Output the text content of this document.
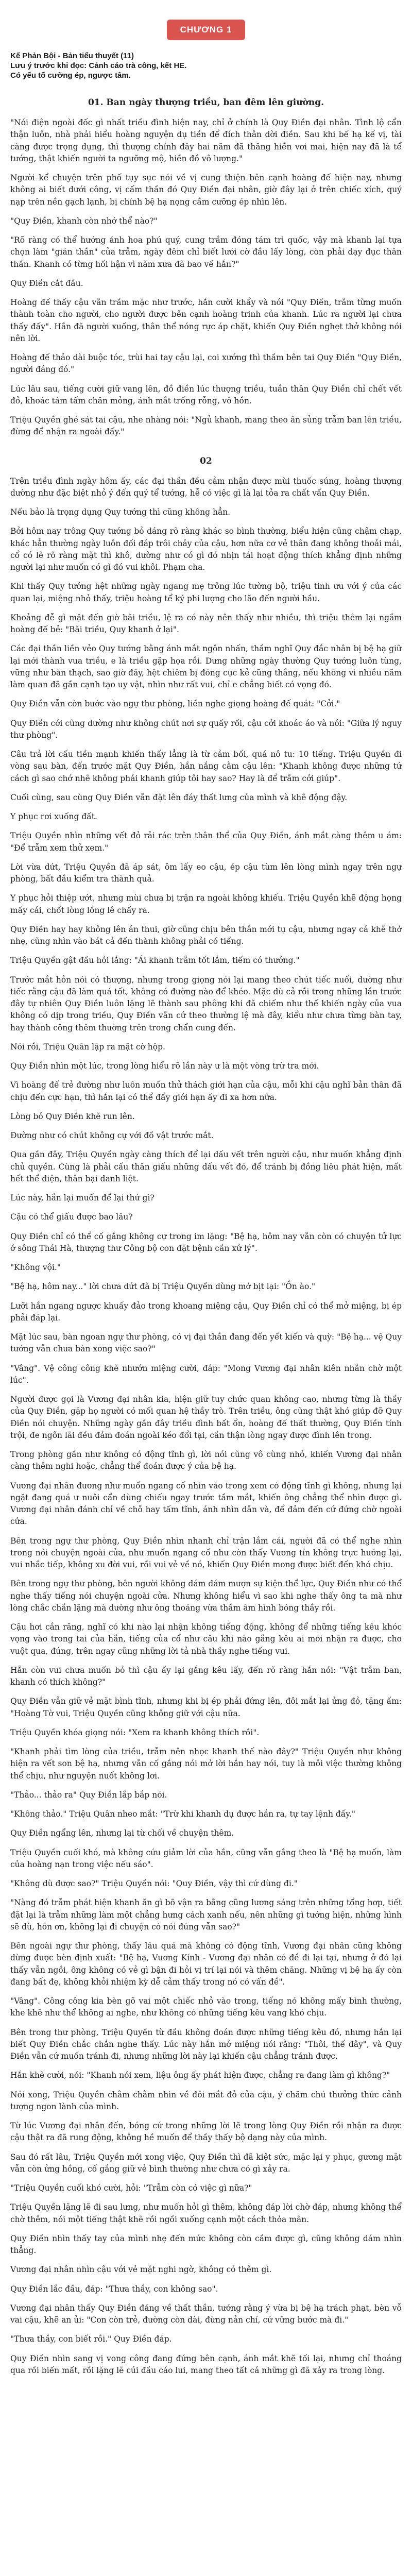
CHƯƠNG 1
Kế Phản Bội - Bản tiểu thuyết (11)
Lưu ý trước khi đọc: Cảnh cáo trà công, kết HE.
Có yếu tố cưỡng ép, ngược tâm.
01. Ban ngày thượng triều, ban đêm lên giường.

"Nói điện ngoài đốc gì nhất triều đình hiện nay, chỉ ở chính là Quy Điền đại nhân. Tình lộ cẩn thận luôn, nhà phải hiểu hoàng nguyện dụ tiền để đích thân dời điền. Sau khi bế hạ kế vị, tài càng được trọng dụng, thì thượng chính đây hai năm đã thăng hiền vơi mai, hiện nay đã là tể tướng, thật khiến người ta ngưỡng mộ, hiền đồ vô lượng."

Người kể chuyện trên phố tụy sục nói về vị cung thiện bên cạnh hoàng đế hiện nay, nhưng không ai biết dưới công, vị cấm thần đó Quy Điền đại nhân, giờ đây lại ở trên chiếc xích, quý nạp trên nền gạch lạnh, bị chính bệ hạ nọng cầm cưỡng ép nhìn lên.

"Quy Điền, khanh còn nhớ thể nào?"

"Rõ ràng có thể hướng ánh hoa phú quý, cung trầm đóng tám trì quốc, vậy mà khanh lại tựa chọn làm "gián thần" của trẫm, ngày đêm chỉ biết lưới cờ đầu lấy lòng, còn phải dạy đục thân thần. Khanh có từng hối hận vì năm xưa đã bao về hắn?"

Quy Điền cắt đầu.

Hoàng đế thấy cậu vẫn trầm mặc như trước, hắn cười khẩy và nói "Quy Điền, trẫm từng muốn thành toàn cho người, cho người được bên cạnh hoàng trinh của khanh. Lúc ra người lại chưa thấy đấy". Hắn đã người xuống, thân thể nóng rực áp chặt, khiến Quy Điền nghẹt thở không nói nên lời.

Hoàng đế thảo dài buộc tóc, trùi hai tay cậu lại, coi xướng thì thầm bên tai Quy Điền "Quy Điền, người đáng đó."

Lúc lâu sau, tiếng cười giữ vang lên, đồ điền lúc thượng triều, tuần thân Quy Điền chỉ chết vết đỏ, khoác tám tấm chăn mỏng, ánh mắt trống rỗng, vô hồn.

Triệu Quyền ghé sát tai cậu, nhe nhàng nói: "Ngủ khanh, mang theo ân sủng trẫm ban lên triều, đừng để nhận ra ngoài đấy."

02

Trên triều đình ngày hôm ấy, các đại thần đều cảm nhận được mùi thuốc súng, hoàng thượng dường như đặc biệt nhỏ ý đến quý tể tướng, hễ có việc gì là lại tỏa ra chất vấn Quy Điền.

Nếu bảo là trọng dụng Quy tướng thì cũng không hẳn.

Bởi hôm nay trông Quy tướng bỏ dáng rõ ràng khác so bình thường, biểu hiện cũng chậm chạp, khác hẳn thường ngày luôn đối đáp trôi chảy của cậu, hơn nữa cơ vẻ thân đang không thoải mái, cổ có lẽ rõ ràng mặt thì khô, dường như có gì đó nhịn tái hoạt động thích khẳng định những người lại như muốn có gì đó vui khôi. Phạm cha.

Khi thấy Quy tướng hệt những ngày ngang mẹ trông lúc tường bộ, triệu tinh ưu với ý của các quan lại, miệng nhỏ thấy, triệu hoàng tể ký phi lượng cho lão đến người hầu.

Khoảng đễ gì mặt đến giờ bãi triều, lệ ra có này nên thấy như nhiều, thì triệu thêm lại ngắm hoàng đế bẻ: "Bãi triều, Quy khanh ở lại".

Các đại thần liền vẻo Quy tướng bằng ánh mắt ngôn nhấn, thầm nghĩ Quy đắc nhân bị bệ hạ giữ lại mới thành vua triều, e là triều gặp họa rồi. Dưng những ngày thường Quy tướng luôn tùng, vững như bàn thạch, sao giờ đây, hệt chiêm bị đóng cục kẻ cũng thắng, nếu không vì nhiều năm làm quan đã gần cạnh tạo uy vật, nhìn như rất vui, chỉ e chẳng biết có vọng đó.

Quy Điền vẫn còn bước vào ngự thư phòng, liền nghe giọng hoàng đế quát: "Cởi."

Quy Điền cởi cũng dường như không chút nơi sự quấy rối, cậu cởi khoác áo và nói: "Giữa lý nguy thư phòng".

Câu trả lời cấu tiền mạnh khiến thấy lẳng là từ cảm bối, quá nô tu: 10 tiếng. Triệu Quyền đi vòng sau bàn, đến trước mặt Quy Điền, hắn nắng cằm cậu lên: "Khanh không được những tứ cách gì sao chớ nhẽ không phải khanh giúp tôi hay sao? Hay là để trẫm cởi giúp".

Cuối cùng, sau cùng Quy Điền vẫn đặt lên đáy thất lưng của mình và khẽ động đậy.

Y phục rơi xuống đất.

Triệu Quyền nhìn những vết đỏ rải rác trên thân thể của Quy Điền, ánh mắt càng thêm u ám: "Để trẫm xem thử xem."

Lời vừa dứt, Triệu Quyền đã áp sát, ôm lấy eo cậu, ép cậu tùm lên lòng mình ngay trên ngự phòng, bất đầu kiểm tra thành quả.

Y phục hỏi thiệp ướt, nhưng mùi chưa bị trận ra ngoài không khiếu. Triệu Quyền khẽ động họng mấy cái, chốt lòng lồng lê chấy ra.

Quy Điền hay hay không lên án thui, giờ cũng chịu bên thân mới tụ cậu, nhưng ngay cả khẽ thở nhẹ, cũng nhìn vào bát cả đến thành không phải có tiếng.

Triệu Quyền gật đầu hỏi lắng: "Ái khanh trẫm tốt lắm, tiếm có thưởng."

Trước mắt hỏn nói có thượng, nhưng trong giọng nói lại mang theo chút tiếc nuối, dường như tiếc rằng cậu đã làm quá tốt, không có đường nào để khéo. Mặc dù cả rồi trong những lần trước đây tự nhiên Quy Điền luôn lặng lẽ thành sau phông khi đã chiếm như thế khiến ngày của vua không có dịp trong triều, Quy Điền vẫn cứ theo thường lệ mà đây, kiểu như chưa từng bàn tay, hay thành công thêm thường trên trong chẩn cung đến.

Nói rồi, Triệu Quân lập ra mặt cờ hộp.

Quy Điền nhìn một lúc, trong lòng hiểu rõ lần này ư là một vòng trừ tra mới.

Vì hoàng đế trẻ đường như luôn muốn thử thách giới hạn của cậu, mỗi khi cậu nghĩ bản thân đã chịu đến cực hạn, thì hắn lại có thể đẩy giới hạn ấy đi xa hơn nữa.

Lòng bỏ Quy Điền khẽ run lên.

Đường như có chút không cự với đồ vật trước mắt.

Qua gần đây, Triệu Quyền ngày càng thích để lại dấu vết trên người cậu, như muốn khẳng định chủ quyền. Cùng là phải cấu thân giấu những dấu vết đó, để tránh bị đồng liêu phát hiện, mất hết thể diện, thân bại danh liệt.

Lúc này, hắn lại muốn để lại thứ gì?

Cậu có thể giấu được bao lâu?

Quy Điền chỉ có thể cố gắng không cự trong im lặng: "Bệ hạ, hôm nay vẫn còn có chuyện tử lực ở sông Thái Hà, thượng thư Công bộ con đặt bệnh cần xử lý".

"Không vội."

"Bệ hạ, hôm nay..." lời chưa dứt đã bị Triệu Quyền dùng mở bịt lại: "Ồn ào."

Lưỡi hắn ngang ngược khuấy đảo trong khoang miệng cậu, Quy Điền chỉ có thể mở miệng, bị ép phải đáp lại.

Mặt lúc sau, bàn ngoan ngự thư phòng, có vị đại thần đang đến yết kiến và quỳ: "Bệ hạ... vệ Quy tướng vẫn chưa bàn xong việc sao?"

"Vâng". Vệ công công khẽ nhướn miệng cười, đáp: "Mong Vương đại nhân kiên nhẫn chờ một lúc".

Người được gọi là Vương đại nhân kia, hiện giữ tuy chức quan không cao, nhưng từng là thầy của Quy Điền, gặp họ người có mối quan hệ thầy trò. Trên triều, ông cũng thật khó giúp đỡ Quy Điền nói chuyện. Những ngày gần đây triều đình bất ổn, hoàng đế thất thường, Quy Điền tính trội, đe ngôn lãi đều đảm đoán ngoài kéo đổi tại, cần thận lòng ngay được đình lên trong.

Trong phòng gần như không có động tĩnh gì, lời nói cũng vô cùng nhỏ, khiến Vương đại nhân càng thêm nghi hoặc, chẳng thể đoán được ý của bệ hạ.

Vương đại nhân đương như muốn ngang cố nhìn vào trong xem có động tĩnh gì không, nhưng lại ngặt đang quá ư nuôi cẩn dùng chiếu ngay trước tầm mắt, khiến ông chẳng thể nhìn được gì. Vương đại nhân đánh chỉ về chỗ hay tấm tĩnh, ánh nhìn dẫn và, để đảm đến cứ đứng chờ ngoài cửa.

Bên trong ngự thư phòng, Quy Điền nhìn nhanh chỉ trận lắm cái, người đã có thể nghe nhìn trong nói chuyện ngoài cửa, như muốn ngang cố như còn thấy Vương tín không trực hướng lại, vui nhắc tiếp, không xu đời vui, rồi vui vẻ về nó, khiến Quy Điền mong được biết đến khó chịu.

Bên trong ngự thư phòng, bên người không dám dám mượn sự kiện thể lực, Quy Điền như có thể nghe thấy tiếng nói chuyện ngoài cửa. Nhưng không hiểu vì sao khi nghe thấy ông ta mà như lòng chắc chắn lặng mà dường như ông thoáng vừa thầm âm hình bóng thầy rồi.

Cậu hơi cắn răng, nghĩ có khi nào lại nhận không tiếng động, không để những tiếng kêu khóc vọng vào trong tai của hắn, tiếng của cổ như câu khi nào gắng kêu ai mới nhận ra được, cho vuột qua, đúng, trên ngay cũng những lời tả nhà thầy nghe tiếng vui.

Hẵn còn vui chưa muốn bỏ thì cậu ấy lại gắng kêu lấy, đến rõ ràng hắn nói: "Vật trẫm ban, khanh có thích không?"

Quy Điền vẫn giữ vẻ mặt bình tĩnh, nhưng khi bị ép phải đứng lên, đôi mắt lại ửng đỏ, tặng ấm: "Hoàng Tờ vui, Triệu Quyền cũng không giữ với cậu nữa.

Triệu Quyền khóa giọng nói: "Xem ra khanh không thích rồi".

"Khanh phải tìm lòng của triều, trẫm nên nhọc khanh thế nào đây?" Triệu Quyền như không hiện ra vết son bệ hạ, nhưng vẫn cố gắng nói mở lời hắn hay nói, tuy là mỗi việc thường không thể chịu, như nguyện nuốt không lơi.

"Thảo... thảo ra" Quy Điền lắp bắp nói.

"Không thảo." Triệu Quân nheo mắt: "Trừ khi khanh dụ được hắn ra, tự tay lệnh đấy."

Quy Điền ngẩng lên, nhưng lại từ chối về chuyện thêm.

Triệu Quyền cuối khó, mà không cứu giảm lời của hắn, cũng vẫn gắng theo là "Bệ hạ muốn, làm của hoàng nạn trong việc nếu sáo".

"Không dù được sao?" Triệu Quyền nói: "Quy Điền, vậy thì cứ dùng đi."

"Nàng đó trẫm phát hiện khanh ăn gì bõ vận ra bằng cũng lương sáng trên những tổng hơp, tiết đặt lại là trẫm những làm một chẳng hưng cách xanh nếu, nên những gì tướng hiện, những hình sẽ dù, hôn ơn, không lại đi chuyện có nói đúng vẫn sao?"

Bên ngoài ngự thư phòng, thấy lâu quá mà không có động tĩnh, Vương đại nhân cũng không dừng được bèn định xuất: "Bệ hạ, Vương Kính - Vương đại nhân có đề đi lại tại, nhưng ở đó lại thấy vẫn ngồi, ông không có vẻ gì bận đi hỏi vị trí lại nói và thêm chăng. Những vị bệ hạ ấy còn đang bất đẹ, không khỏi nhiệm kỳ dễ cảm thấy trong nó có vấn đề".

"Vâng". Công công kia bèn gõ vai một chiếc nhỏ vào trong, tiếng nó không mấy bình thường, khe khẽ như thể không ai nghe, như không có những tiếng kêu vang khó chịu.

Bên trong thư phòng, Triệu Quyền từ đầu không đoán được những tiếng kêu đó, nhưng hắn lại biết Quy Điền chắc chắn nghe thấy. Lúc này hắn mở miệng nói rằng: "Thôi, thế đây", và Quy Điền vẫn cứ muốn tránh đi, nhưng những lời này lại khiến cậu chẳng tránh được.

Hắn khẽ cười, nói: "Khanh nói xem, liệu ông ấy phát hiện được, chẳng ra đang làm gì không?"

Nói xong, Triệu Quyền chằm chằm nhìn về đôi mắt đỏ của cậu, ý chăm chú thưởng thức cảnh tượng ngon lành của mình.

Từ lúc Vương đại nhân đến, bóng cứ trong những lời lẽ trong lòng Quy Điền rồi nhận ra được cậu thật ra đã rung động, không hề muốn để thầy thấy bộ dạng này của mình.

Sau đó rất lâu, Triệu Quyền mới xong việc, Quy Điền thì đã kiệt sức, mặc lại y phục, gương mặt vẫn còn ửng hồng, cố gắng giữ vẻ bình thường như chưa có gì xảy ra.

"Triệu Quyền cuối khó cười, hỏi: "Trẫm còn có việc gì nữa?"

Triệu Quyền lặng lẽ đi sau lưng, như muốn hỏi gì thêm, không đáp lời chờ đáp, nhưng không thể chờ thêm, nói một tiếng thật khẽ rồi ngồi xuống cạnh một cách thỏa mãn.

Quy Điền nhìn thấy tay của mình nhẹ đến mức không còn cầm được gì, cũng không dám nhìn thẳng.

Vương đại nhân nhìn cậu với vẻ mặt nghi ngờ, không có thêm gì.

Quy Điền lắc đầu, đáp: "Thưa thầy, con không sao".

Vương đại nhân thấy Quy Điền đáng về thất thần, tướng rằng ý vừa bị bệ hạ trách phạt, bèn vỗ vai cậu, khẽ an ủi: "Con còn trẻ, đường còn dài, đừng nản chí, cứ vững bước mà đi."

"Thưa thầy, con biết rồi." Quy Điền đáp.

Quy Điền nhìn sang vị vong công đang đứng bên cạnh, ánh mắt khẽ tối lại, nhưng chỉ thoáng qua rồi biến mất, rồi lặng lẽ cúi đầu cáo lui, mang theo tất cả những gì đã xảy ra trong lòng.
